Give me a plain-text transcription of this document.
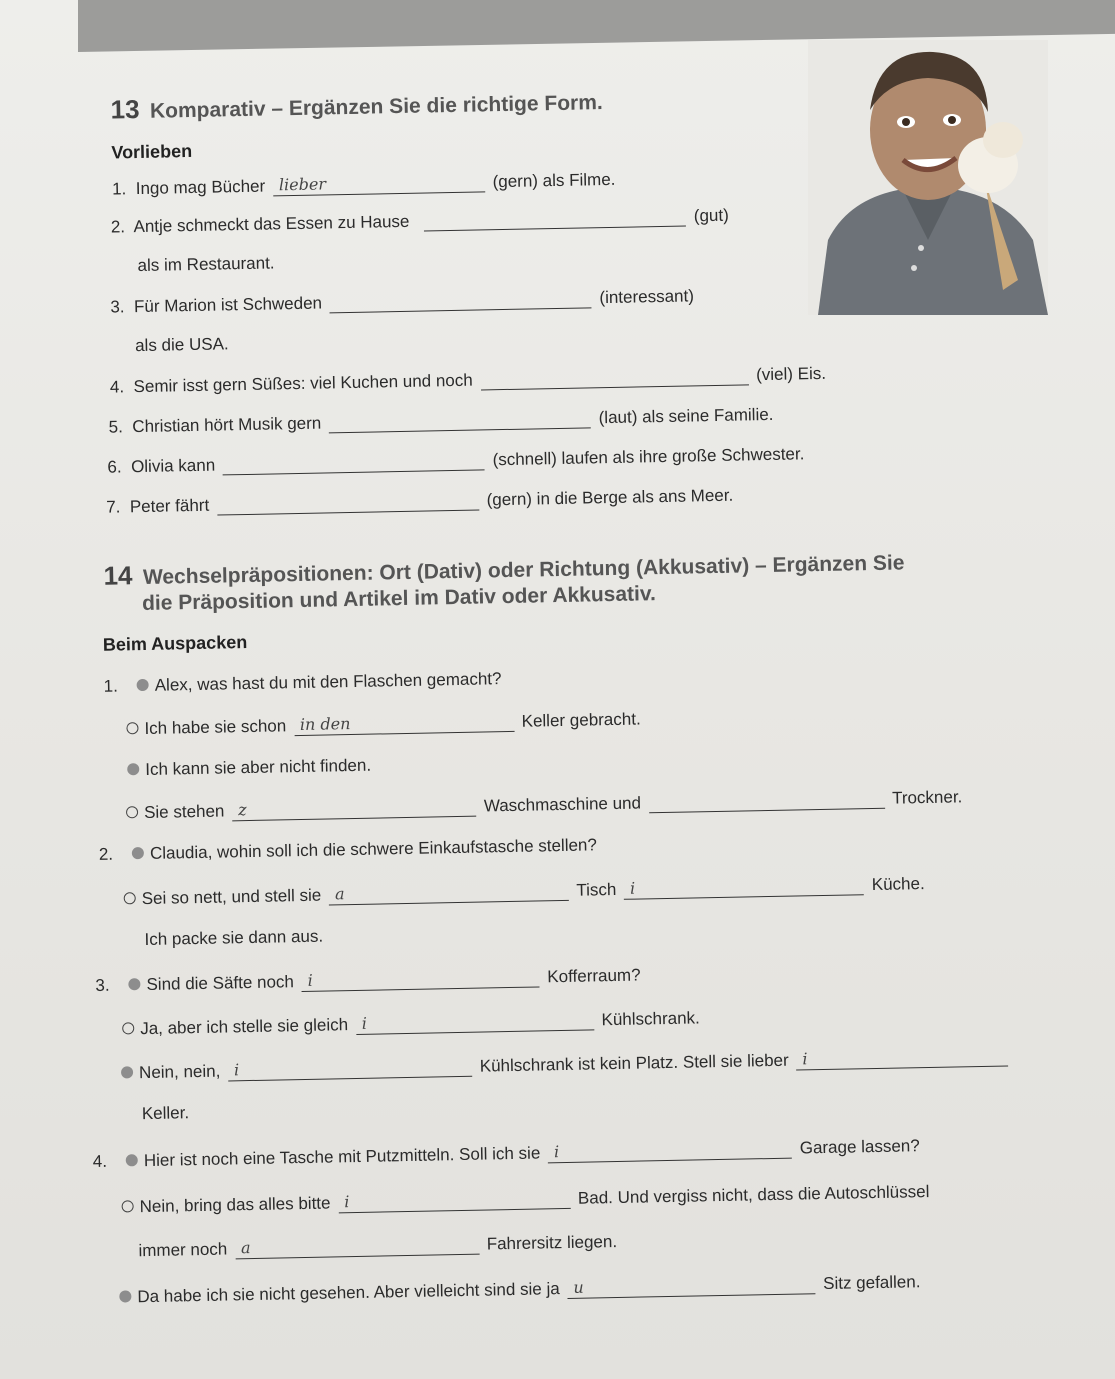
13 Komparativ – Ergänzen Sie die richtige Form.
Vorlieben
1. Ingo mag Bücher lieber	(gern) als Filme.
2. Antje schmeckt das Essen zu Hause	(gut)
als im Restaurant.
3. Für Marion ist Schweden	(interessant)
als die USA.
4. Semir isst gern Süßes: viel Kuchen und noch	(viel) Eis.
5. Christian hört Musik gern	(laut) als seine Familie.
6. Olivia kann	(schnell) laufen als ihre große Schwester.
7. Peter fährt	(gern) in die Berge als ans Meer.
14 Wechselpräpositionen: Ort (Dativ) oder Richtung (Akkusativ) – Ergänzen Sie
die Präposition und Artikel im Dativ oder Akkusativ.
Beim Auspacken
1. Alex, was hast du mit den Flaschen gemacht?
Ich habe sie schon in den	Keller gebracht.
Ich kann sie aber nicht finden.
Sie stehen z	Waschmaschine und	Trockner.
2. Claudia, wohin soll ich die schwere Einkaufstasche stellen?
Sei so nett, und stell sie a	Tisch i	Küche.
Ich packe sie dann aus.
3. Sind die Säfte noch i	Kofferraum?
Ja, aber ich stelle sie gleich i	Kühlschrank.
Nein, nein, i	Kühlschrank ist kein Platz. Stell sie lieber i
Keller.
4. Hier ist noch eine Tasche mit Putzmitteln. Soll ich sie i	Garage lassen?
Nein, bring das alles bitte i	Bad. Und vergiss nicht, dass die Autoschlüssel
immer noch a	Fahrersitz liegen.
Da habe ich sie nicht gesehen. Aber vielleicht sind sie ja u	Sitz gefallen.
